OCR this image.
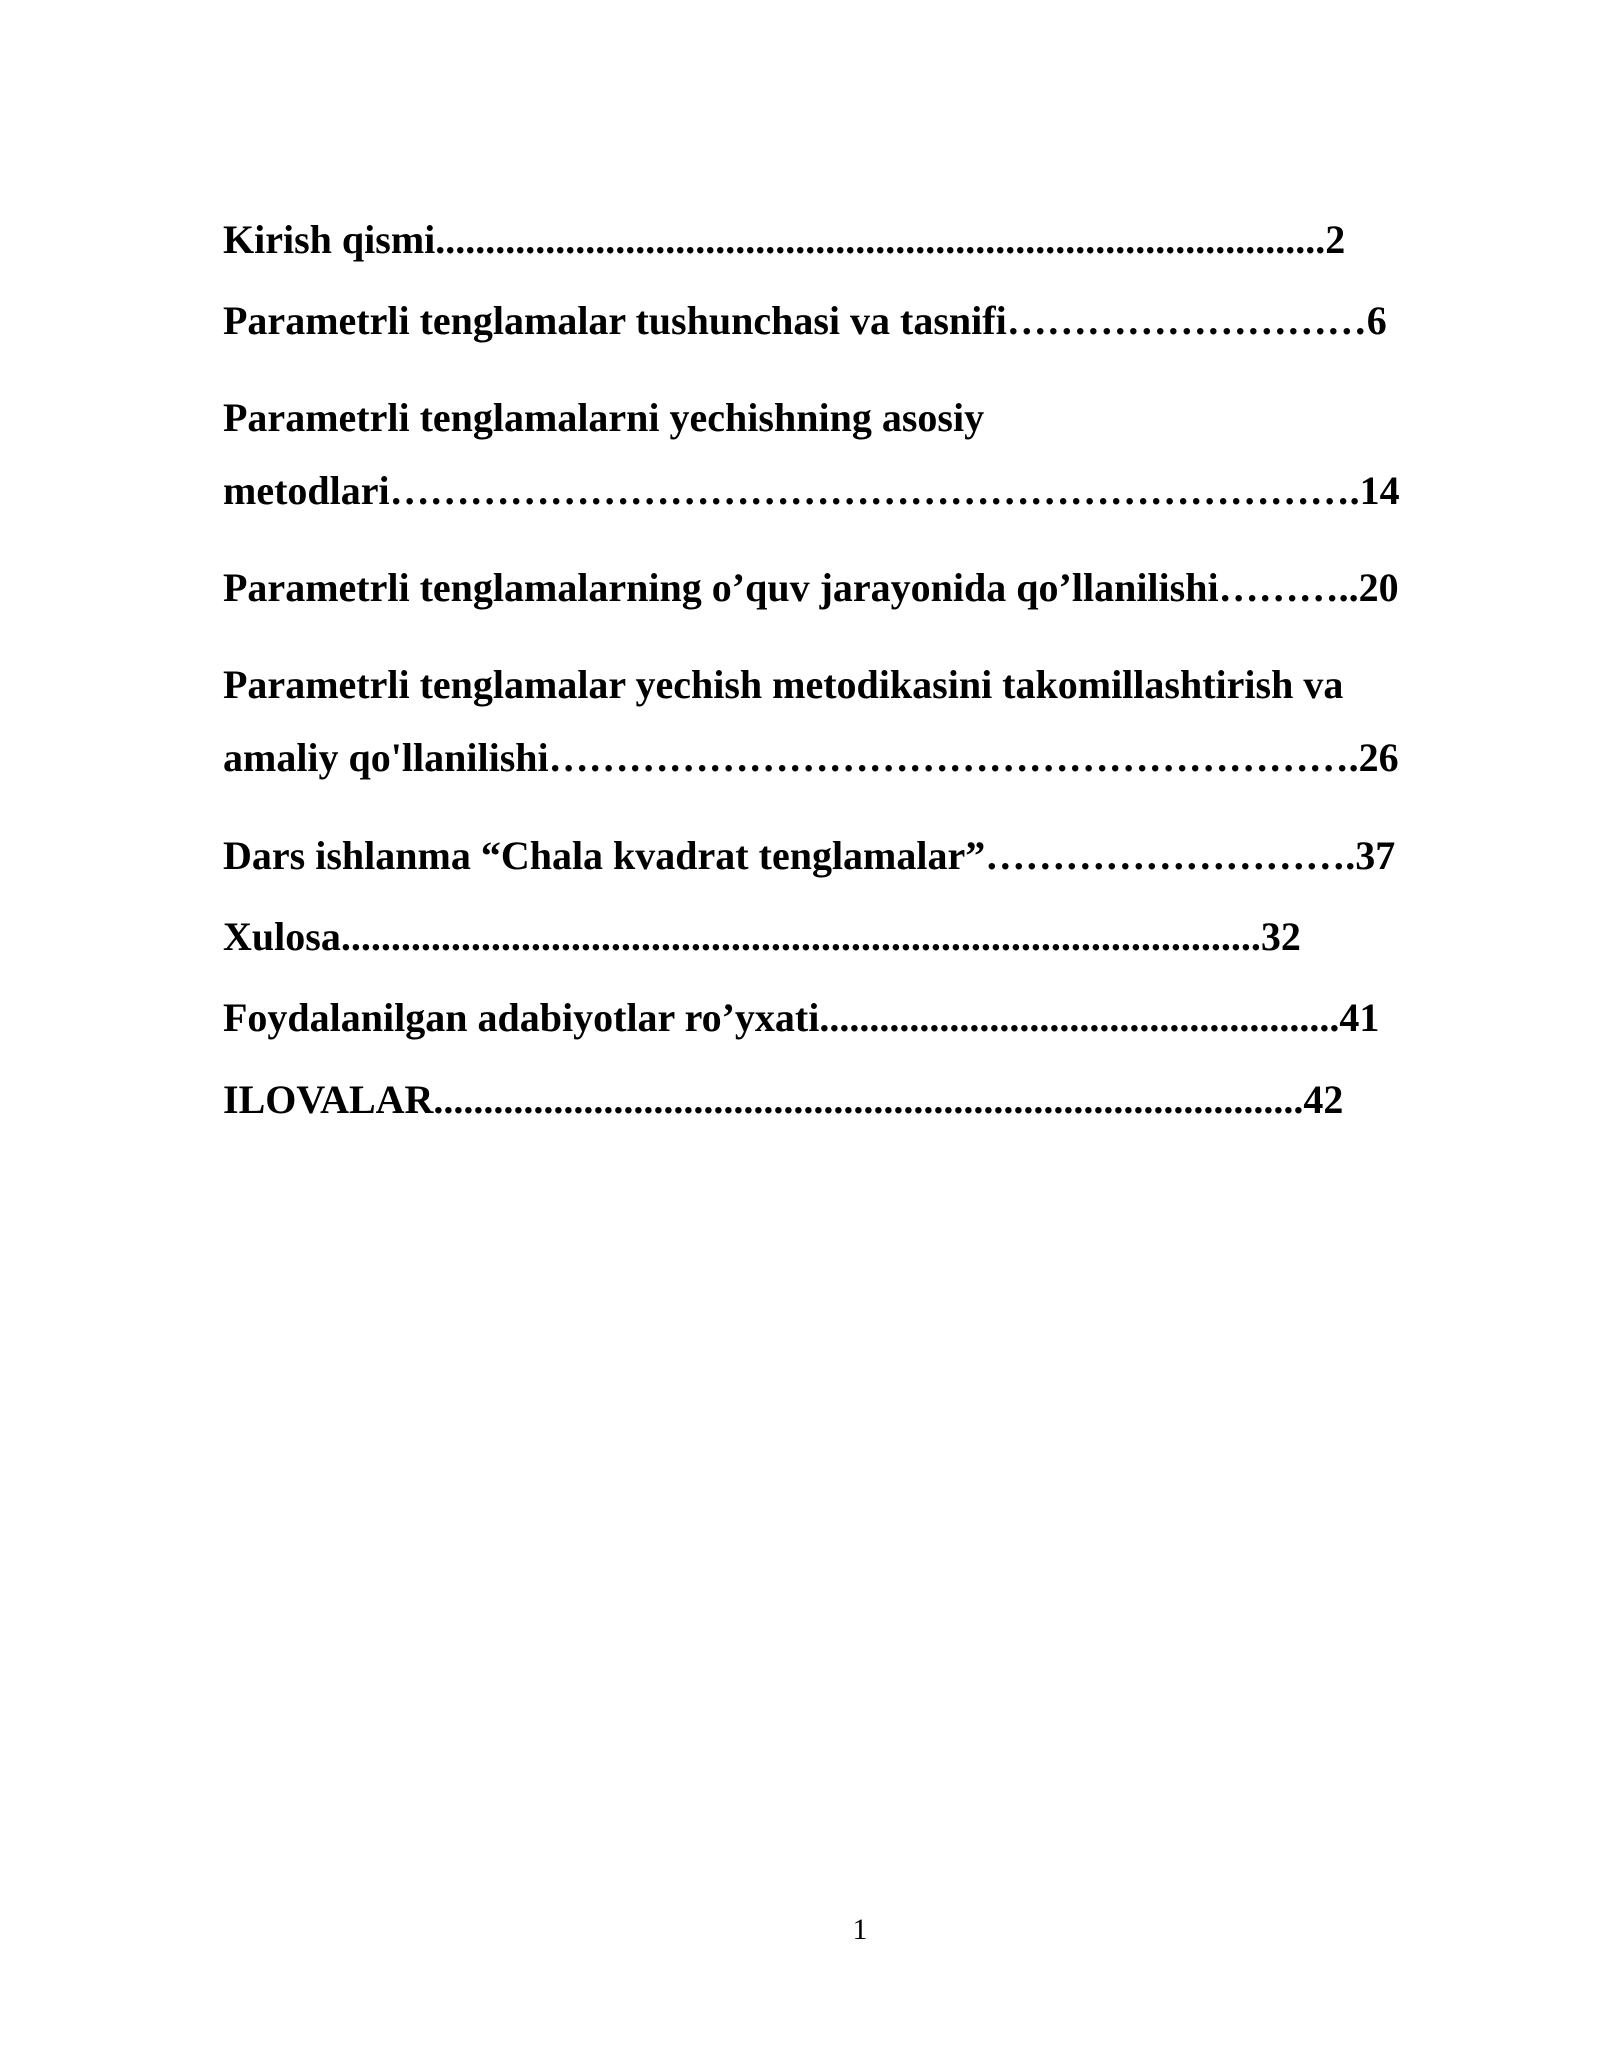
Kirish qismi.........................................................................................2
Parametrli tenglamalar tushunchasi va tasnifi………………………6
Parametrli tenglamalarni yechishning asosiy
metodlari……………………………………………………………….14
Parametrli tenglamalarning o’quv jarayonida qo’llanilishi………..20
Parametrli tenglamalar yechish metodikasini takomillashtirish va
amaliy qo'llanilishi…………………………………………………….26
Dars ishlanma “Chala kvadrat tenglamalar”……………………….37
Xulosa............................................................................................32
Foydalanilgan adabiyotlar ro’yxati....................................................41
ILOVALAR.......................................................................................42
1
